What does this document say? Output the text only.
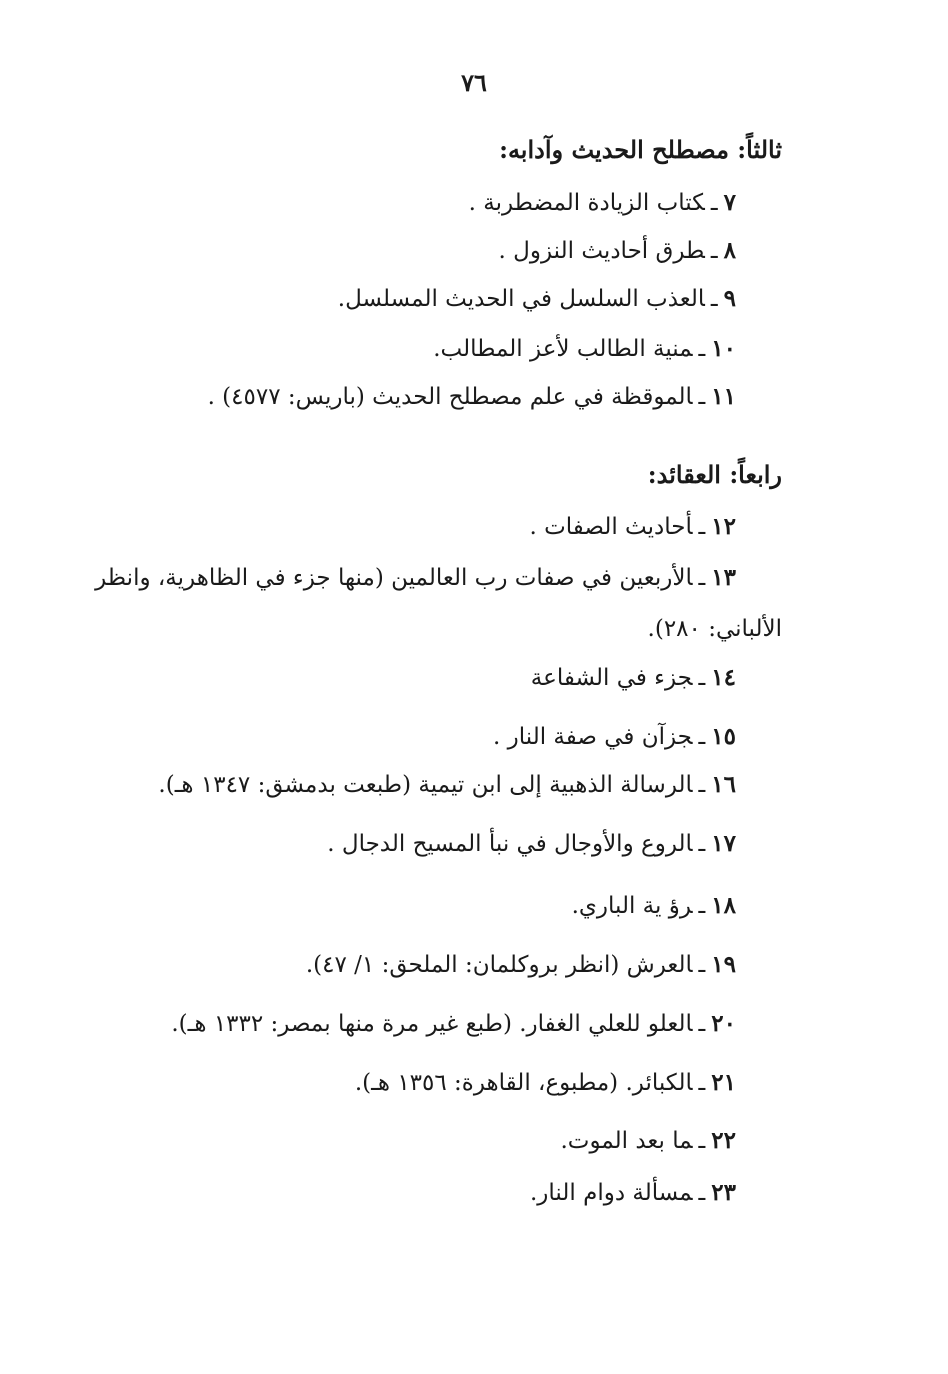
٧٦
ثالثاً: مصطلح الحديث وآدابه:
٧ـكتاب الزيادة المضطربة .
٨ـطرق أحاديث النزول .
٩ـالعذب السلسل في الحديث المسلسل.
١٠ـمنية الطالب لأعز المطالب.
١١ـالموقظة في علم مصطلح الحديث (باريس: ٤٥٧٧) .
رابعاً: العقائد:
١٢ـأحاديث الصفات .
١٣ـالأربعين في صفات رب العالمين (منها جزء في الظاهرية، وانظر
الألباني: ٢٨٠).
١٤ـجزء في الشفاعة
١٥ـجزآن في صفة النار .
١٦ـالرسالة الذهبية إلى ابن تيمية (طبعت بدمشق: ١٣٤٧ هـ).
١٧ـالروع والأوجال في نبأ المسيح الدجال .
١٨ـرؤ ية الباري.
١٩ـالعرش (انظر بروكلمان: الملحق: ١/ ٤٧).
٢٠ـالعلو للعلي الغفار. (طبع غير مرة منها بمصر: ١٣٣٢ هـ).
٢١ـالكبائر. (مطبوع، القاهرة: ١٣٥٦ هـ).
٢٢ـما بعد الموت.
٢٣ـمسألة دوام النار.
